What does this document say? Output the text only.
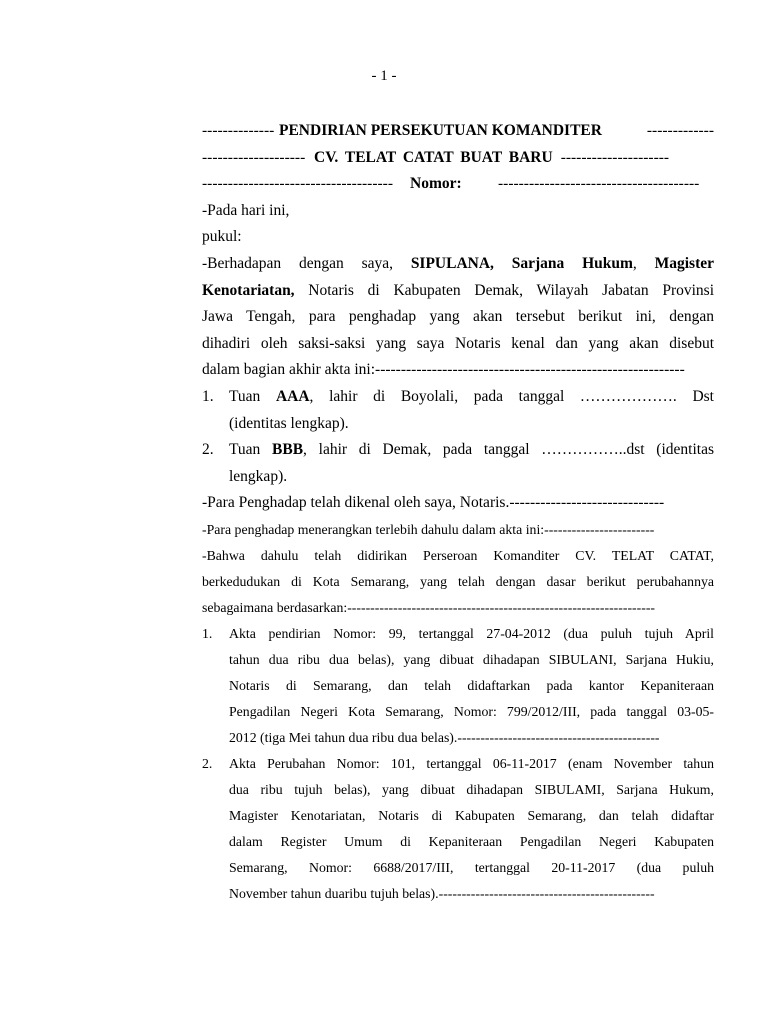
- 1 -
-------------- PENDIRIAN PERSEKUTUAN KOMANDITER	-------------
-------------------- CV. TELAT CATAT BUAT BARU ---------------------
-------------------------------------	Nomor:	---------------------------------------
-Pada hari ini,
pukul:
-Berhadapan dengan saya, SIPULANA, Sarjana Hukum, Magister
Kenotariatan, Notaris di Kabupaten Demak, Wilayah Jabatan Provinsi
Jawa Tengah, para penghadap yang akan tersebut berikut ini, dengan
dihadiri oleh saksi-saksi yang saya Notaris kenal dan yang akan disebut
dalam bagian akhir akta ini: ------------------------------------------------------------
1. Tuan AAA, lahir di Boyolali, pada tanggal ………………. Dst
(identitas lengkap).
2. Tuan BBB, lahir di Demak, pada tanggal ……………..dst (identitas
lengkap).
-Para Penghadap telah dikenal oleh saya, Notaris. ------------------------------
-Para penghadap menerangkan terlebih dahulu dalam akta ini: ------------------------
-Bahwa dahulu telah didirikan Perseroan Komanditer CV. TELAT CATAT,
berkedudukan di Kota Semarang, yang telah dengan dasar berikut perubahannya
sebagaimana berdasarkan: -------------------------------------------------------------------
1. Akta pendirian Nomor: 99, tertanggal 27-04-2012 (dua puluh tujuh April
tahun dua ribu dua belas), yang dibuat dihadapan SIBULANI, Sarjana Hukiu,
Notaris di Semarang, dan telah didaftarkan pada kantor Kepaniteraan
Pengadilan Negeri Kota Semarang, Nomor: 799/2012/III, pada tanggal 03-05-
2012 (tiga Mei tahun dua ribu dua belas). --------------------------------------------
2. Akta Perubahan Nomor: 101, tertanggal 06-11-2017 (enam November tahun
dua ribu tujuh belas), yang dibuat dihadapan SIBULAMI, Sarjana Hukum,
Magister Kenotariatan, Notaris di Kabupaten Semarang, dan telah didaftar
dalam Register Umum di Kepaniteraan Pengadilan Negeri Kabupaten
Semarang, Nomor: 6688/2017/III, tertanggal 20-11-2017 (dua puluh
November tahun duaribu tujuh belas). -----------------------------------------------
